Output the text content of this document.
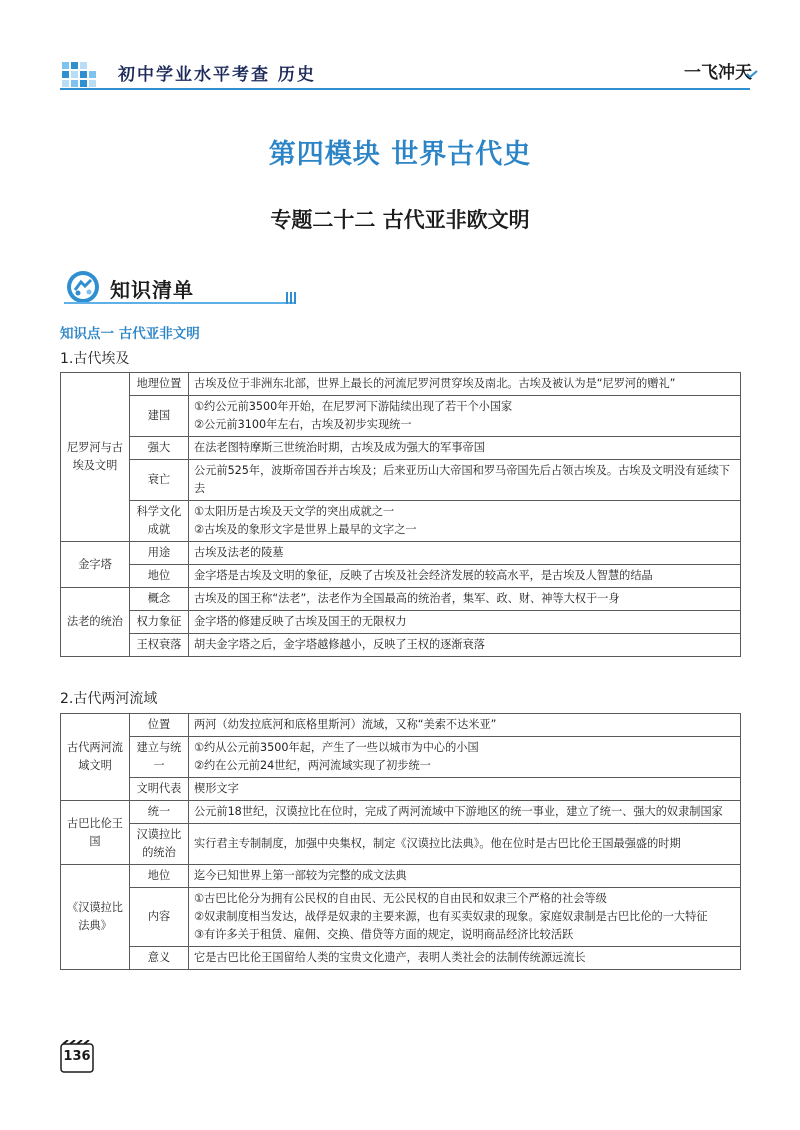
初中学业水平考查 历史	一飞冲天
第四模块 世界古代史
专题二十二 古代亚非欧文明
知识清单
知识点一 古代亚非文明
1.古代埃及
尼罗河与古埃及文明	地理位置	古埃及位于非洲东北部，世界上最长的河流尼罗河贯穿埃及南北。古埃及被认为是“尼罗河的赠礼”

	建国	①约公元前3500年开始，在尼罗河下游陆续出现了若干个小国家
②公元前3100年左右，古埃及初步实现统一

	强大	在法老图特摩斯三世统治时期，古埃及成为强大的军事帝国

	衰亡	公元前525年，波斯帝国吞并古埃及；后来亚历山大帝国和罗马帝国先后占领古埃及。古埃及文明没有延续下去

	科学文化成就	①太阳历是古埃及天文学的突出成就之一
②古埃及的象形文字是世界上最早的文字之一

金字塔	用途	古埃及法老的陵墓

	地位	金字塔是古埃及文明的象征，反映了古埃及社会经济发展的较高水平，是古埃及人智慧的结晶

法老的统治	概念	古埃及的国王称“法老”，法老作为全国最高的统治者，集军、政、财、神等大权于一身

	权力象征	金字塔的修建反映了古埃及国王的无限权力

	王权衰落	胡夫金字塔之后，金字塔越修越小，反映了王权的逐渐衰落
2.古代两河流域
古代两河流域文明	位置	两河（幼发拉底河和底格里斯河）流域，又称“美索不达米亚”

	建立与统一	①约从公元前3500年起，产生了一些以城市为中心的小国
②约在公元前24世纪，两河流域实现了初步统一

	文明代表	楔形文字

古巴比伦王国	统一	公元前18世纪，汉谟拉比在位时，完成了两河流域中下游地区的统一事业，建立了统一、强大的奴隶制国家

	汉谟拉比的统治	实行君主专制制度，加强中央集权，制定《汉谟拉比法典》。他在位时是古巴比伦王国最强盛的时期

《汉谟拉比法典》	地位	迄今已知世界上第一部较为完整的成文法典

	内容	①古巴比伦分为拥有公民权的自由民、无公民权的自由民和奴隶三个严格的社会等级
②奴隶制度相当发达，战俘是奴隶的主要来源，也有买卖奴隶的现象。家庭奴隶制是古巴比伦的一大特征
③有许多关于租赁、雇佣、交换、借贷等方面的规定，说明商品经济比较活跃

	意义	它是古巴比伦王国留给人类的宝贵文化遗产，表明人类社会的法制传统源远流长
136
